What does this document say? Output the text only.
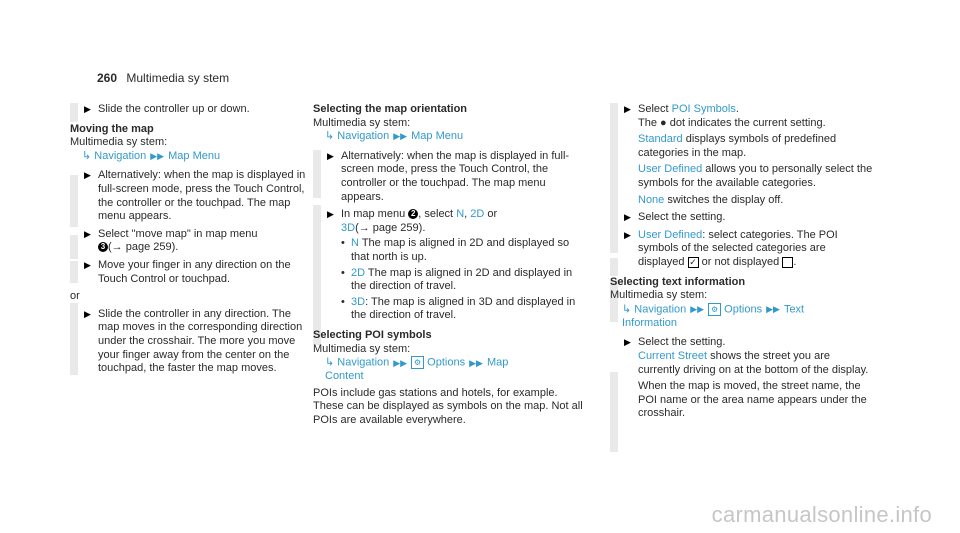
260 Multimedia sy stem
▶ Slide the controller up or down.
Moving the map
Multimedia sy stem:
↳ Navigation ▶▶ Map Menu
▶ Alternatively: when the map is displayed in full-screen mode, press the Touch Control, the controller or the touchpad. The map menu appears.
▶ Select "move map" in map menu
3 (→ page 259).
▶ Move your finger in any direction on the Touch Control or touchpad.
or
▶ Slide the controller in any direction. The map moves in the corresponding direction under the crosshair. The more you move your finger away from the center on the touchpad, the faster the map moves.
Selecting the map orientation
Multimedia sy stem:
↳ Navigation ▶▶ Map Menu
▶ Alternatively: when the map is displayed in full-screen mode, press the Touch Control, the controller or the touchpad. The map menu appears.
▶ In map menu 2 , select N, 2D or
3D(→ page 259).
• N The map is aligned in 2D and displayed so that north is up.
• 2D The map is aligned in 2D and displayed in the direction of travel.
• 3D: The map is aligned in 3D and displayed in the direction of travel.
Selecting POI symbols
Multimedia sy stem:
↳ Navigation ▶▶ ⚙ Options ▶▶ Map
Content
POIs include gas stations and hotels, for example. These can be displayed as symbols on the map. Not all POIs are available everywhere.
▶ Select POI Symbols.
The ● dot indicates the current setting.
Standard displays symbols of predefined categories in the map.
User Defined allows you to personally select the symbols for the available categories.
None switches the display off.
▶ Select the setting.
▶ User Defined: select categories. The POI symbols of the selected categories are displayed ✓ or not displayed .
Selecting text information
Multimedia sy stem:
↳ Navigation ▶▶ ⚙ Options ▶▶ Text
Information
▶ Select the setting.
Current Street shows the street you are currently driving on at the bottom of the display.
When the map is moved, the street name, the POI name or the area name appears under the crosshair.
carmanualsonline.info
